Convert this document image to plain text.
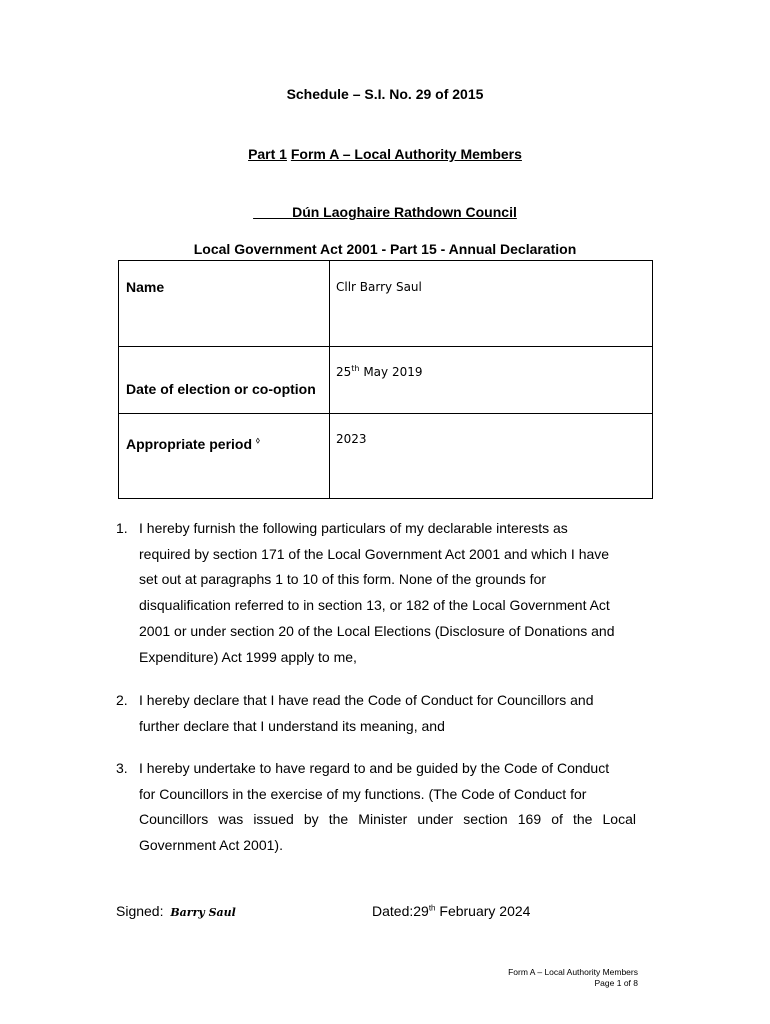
Schedule – S.I. No. 29 of 2015
Part 1 Form A – Local Authority Members
_____Dún Laoghaire Rathdown Council
Local Government Act 2001 - Part 15 - Annual Declaration
Name	Cllr Barry Saul

Date of election or co-option	25th May 2019

Appropriate period ◊	2023
1. I hereby furnish the following particulars of my declarable interests as
required by section 171 of the Local Government Act 2001 and which I have
set out at paragraphs 1 to 10 of this form. None of the grounds for
disqualification referred to in section 13, or 182 of the Local Government Act
2001 or under section 20 of the Local Elections (Disclosure of Donations and
Expenditure) Act 1999 apply to me,
2. I hereby declare that I have read the Code of Conduct for Councillors and
further declare that I understand its meaning, and
3. I hereby undertake to have regard to and be guided by the Code of Conduct
for Councillors in the exercise of my functions. (The Code of Conduct for
Councillors was issued by the Minister under section 169 of the Local
Government Act 2001).
Signed: Barry Saul	Dated:29th February 2024
Form A – Local Authority Members
Page 1 of 8
